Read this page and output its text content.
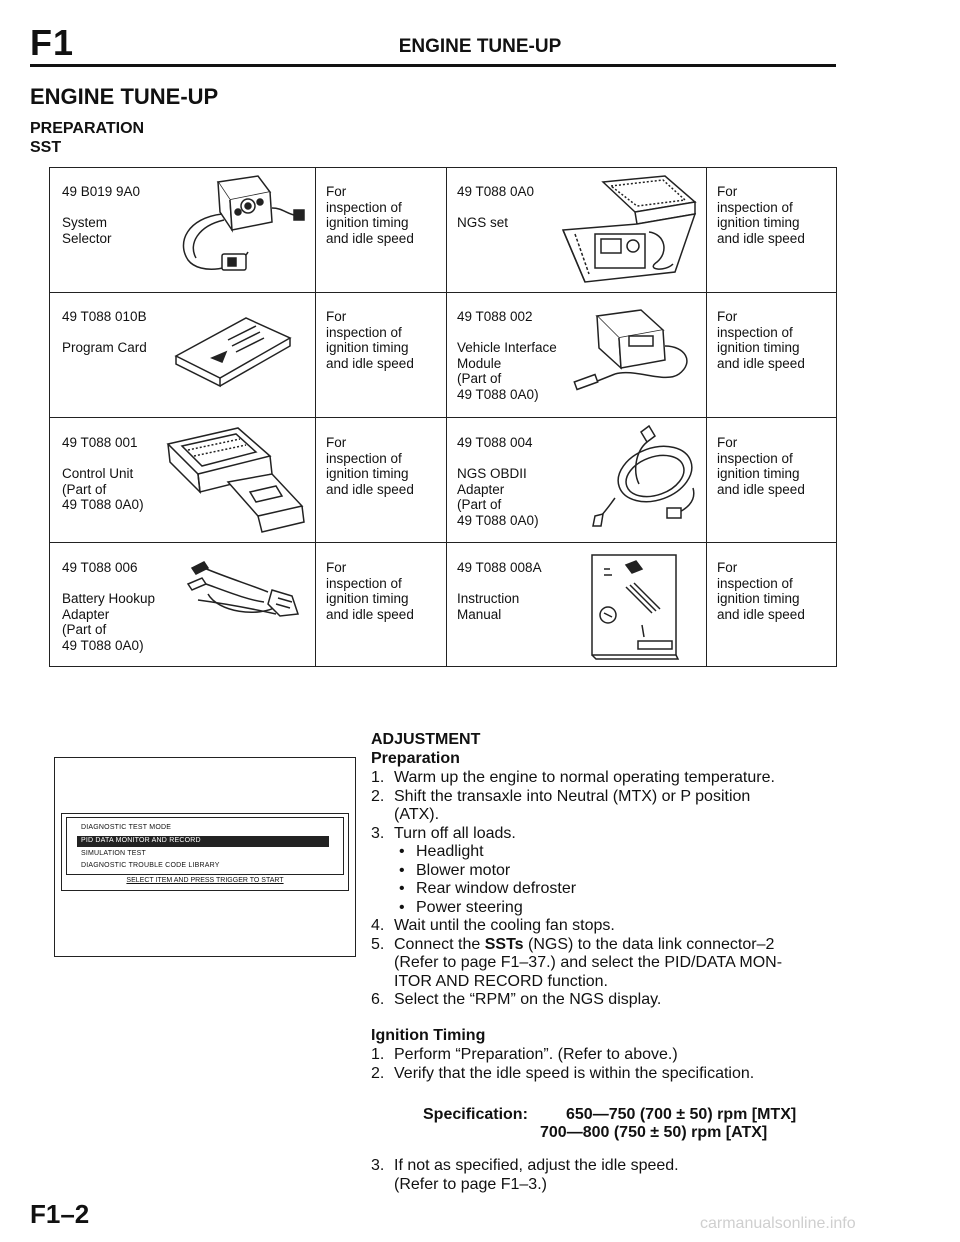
F1	ENGINE TUNE-UP
ENGINE TUNE-UP
PREPARATION
SST
49 B019 9A0

System
Selector
For
inspection of
ignition timing
and idle speed
49 T088 0A0

NGS set
For
inspection of
ignition timing
and idle speed
49 T088 010B

Program Card
For
inspection of
ignition timing
and idle speed
49 T088 002

Vehicle Interface
Module
(Part of
49 T088 0A0)
For
inspection of
ignition timing
and idle speed
49 T088 001

Control Unit
(Part of
49 T088 0A0)
For
inspection of
ignition timing
and idle speed
49 T088 004

NGS OBDII
Adapter
(Part of
49 T088 0A0)
For
inspection of
ignition timing
and idle speed
49 T088 006

Battery Hookup
Adapter
(Part of
49 T088 0A0)
For
inspection of
ignition timing
and idle speed
49 T088 008A

Instruction
Manual
For
inspection of
ignition timing
and idle speed
DIAGNOSTIC TEST MODE
PID DATA MONITOR AND RECORD
SIMULATION TEST
DIAGNOSTIC TROUBLE CODE LIBRARY
SELECT ITEM AND PRESS TRIGGER TO START
ADJUSTMENT
Preparation
1. Warm up the engine to normal operating temperature.
2. Shift the transaxle into Neutral (MTX) or P position
(ATX).
3. Turn off all loads.
• Headlight
• Blower motor
• Rear window defroster
• Power steering
4. Wait until the cooling fan stops.
5. Connect the SSTs (NGS) to the data link connector–2
(Refer to page F1–37.) and select the PID/DATA MON-
ITOR AND RECORD function.
6. Select the “RPM” on the NGS display.
Ignition Timing
1. Perform “Preparation”. (Refer to above.)
2. Verify that the idle speed is within the specification.
Specification: 650—750 (700 ± 50) rpm [MTX]
700—800 (750 ± 50) rpm [ATX]
3. If not as specified, adjust the idle speed.
(Refer to page F1–3.)
F1–2	carmanualsonline.info
